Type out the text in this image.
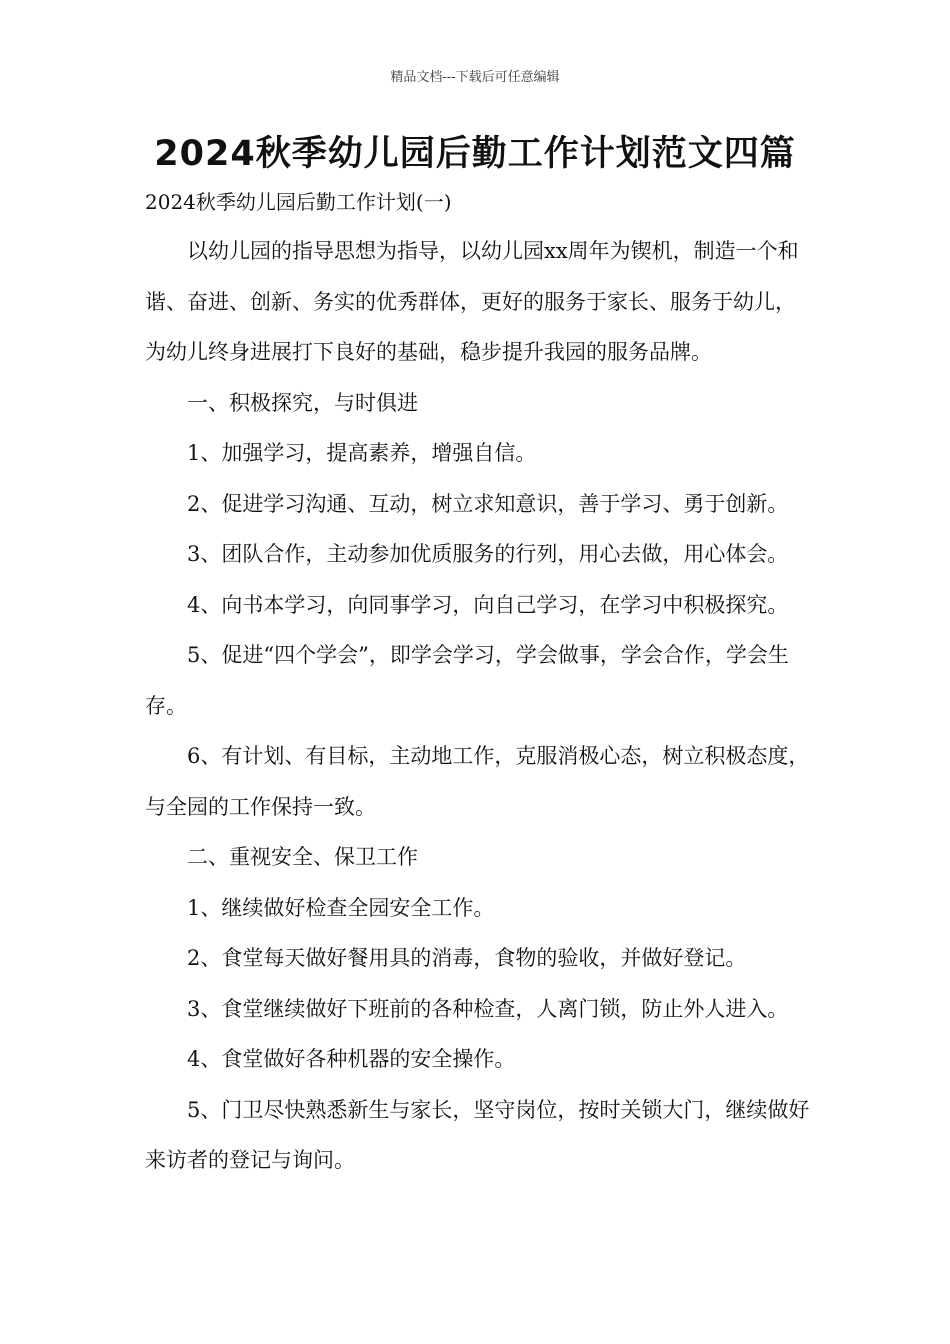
精品文档---下载后可任意编辑
2024秋季幼儿园后勤工作计划范文四篇
2024秋季幼儿园后勤工作计划(一)

以幼儿园的指导思想为指导，以幼儿园xx周年为锲机，制造一个和谐、奋进、创新、务实的优秀群体，更好的服务于家长、服务于幼儿，为幼儿终身进展打下良好的基础，稳步提升我园的服务品牌。

一、积极探究，与时俱进

1、加强学习，提高素养，增强自信。

2、促进学习沟通、互动，树立求知意识，善于学习、勇于创新。

3、团队合作，主动参加优质服务的行列，用心去做，用心体会。

4、向书本学习，向同事学习，向自己学习，在学习中积极探究。

5、促进“四个学会”，即学会学习，学会做事，学会合作，学会生存。

6、有计划、有目标，主动地工作，克服消极心态，树立积极态度，与全园的工作保持一致。

二、重视安全、保卫工作

1、继续做好检查全园安全工作。

2、食堂每天做好餐用具的消毒，食物的验收，并做好登记。

3、食堂继续做好下班前的各种检查，人离门锁，防止外人进入。

4、食堂做好各种机器的安全操作。

5、门卫尽快熟悉新生与家长，坚守岗位，按时关锁大门，继续做好来访者的登记与询问。
